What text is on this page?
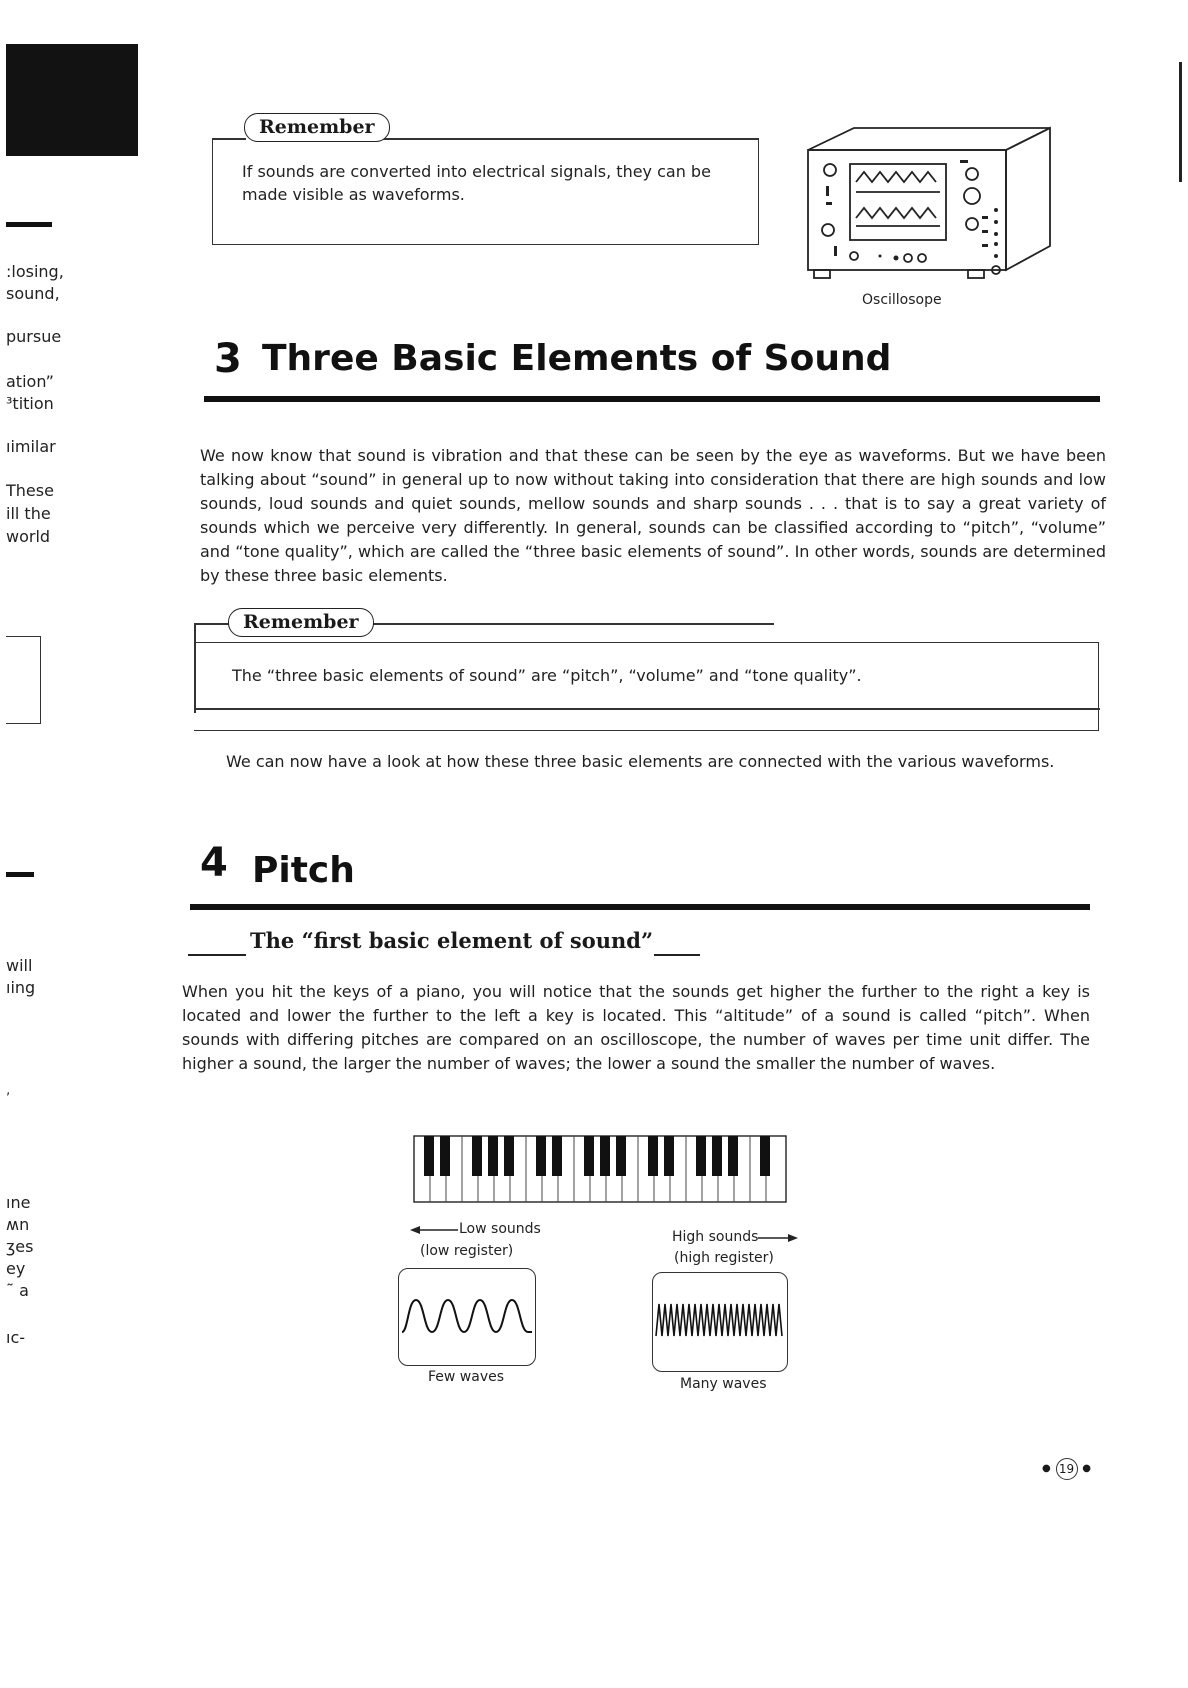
:losing,
sound,
pursue
ation”
³tition
ıimilar
These
ill the
world
will
ıing
ʼ
ıne
ʍn
ʒes
ey
˜ a
ıc-
Remember
If sounds are converted into electrical signals, they can be made visible as waveforms.
Oscillosope
3 Three Basic Elements of Sound
We now know that sound is vibration and that these can be seen by the eye as waveforms. But we have been talking about “sound” in general up to now without taking into consideration that there are high sounds and low sounds, loud sounds and quiet sounds, mellow sounds and sharp sounds . . . that is to say a great variety of sounds which we perceive very differently. In general, sounds can be classified according to “pitch”, “volume” and “tone quality”, which are called the “three basic elements of sound”. In other words, sounds are determined by these three basic elements.
Remember
The “three basic elements of sound” are “pitch”, “volume” and “tone quality”.
We can now have a look at how these three basic elements are connected with the various waveforms.
4 Pitch
The “first basic element of sound”
When you hit the keys of a piano, you will notice that the sounds get higher the further to the right a key is located and lower the further to the left a key is located. This “altitude” of a sound is called “pitch”. When sounds with differing pitches are compared on an oscilloscope, the number of waves per time unit differ. The higher a sound, the larger the number of waves; the lower a sound the smaller the number of waves.
Low sounds
(low register)
High sounds
(high register)
Few waves	Many waves
● 19 ●
